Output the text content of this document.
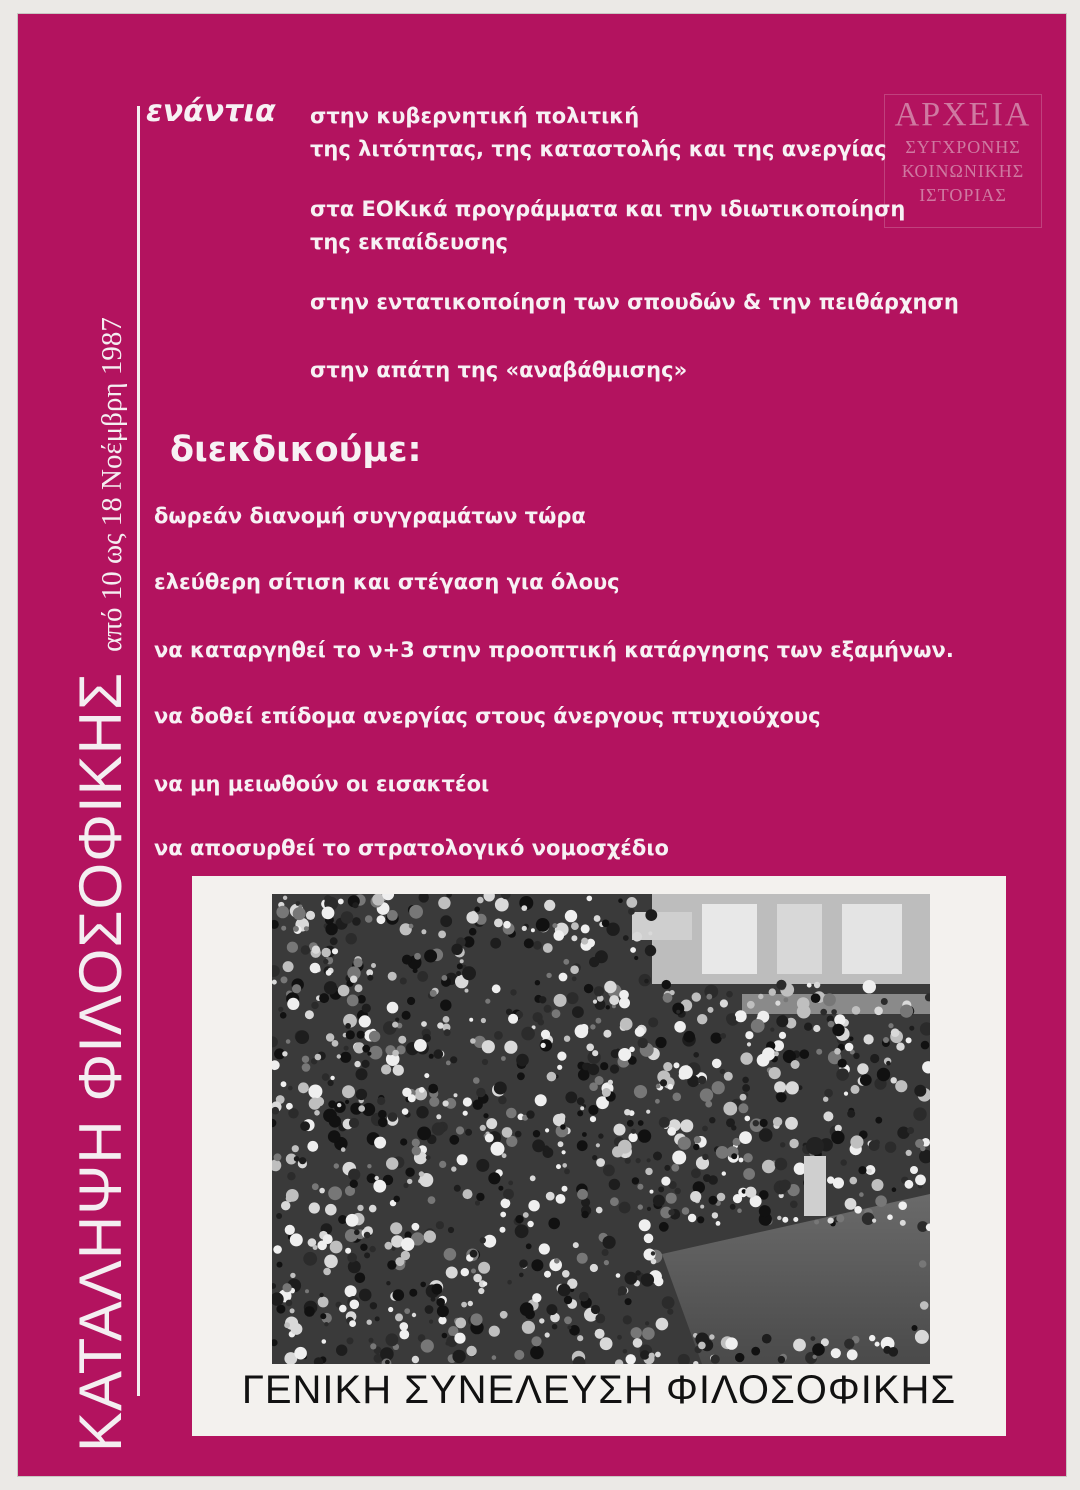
ΚΑΤΑΛΗΨΗ ΦΙΛΟΣΟΦΙΚΗΣαπό 10 ως 18 Νοέμβρη 1987
ενάντια στην κυβερνητική πολιτική
της λιτότητας, της καταστολής και της ανεργίας
στα ΕΟΚικά προγράμματα και την ιδιωτικοποίηση
της εκπαίδευσης
στην εντατικοποίηση των σπουδών & την πειθάρχηση
στην απάτη της «αναβάθμισης»
ΑΡΧΕΙΑ
ΣΥΓΧΡΟΝΗΣ
ΚΟΙΝΩΝΙΚΗΣ
ΙΣΤΟΡΙΑΣ
διεκδικούμε:
δωρεάν διανομή συγγραμάτων τώρα
ελεύθερη σίτιση και στέγαση για όλους
να καταργηθεί το ν+3 στην προοπτική κατάργησης των εξαμήνων.
να δοθεί επίδομα ανεργίας στους άνεργους πτυχιούχους
να μη μειωθούν οι εισακτέοι
να αποσυρθεί το στρατολογικό νομοσχέδιο
ΓΕΝΙΚΗ ΣΥΝΕΛΕΥΣΗ ΦΙΛΟΣΟΦΙΚΗΣ
